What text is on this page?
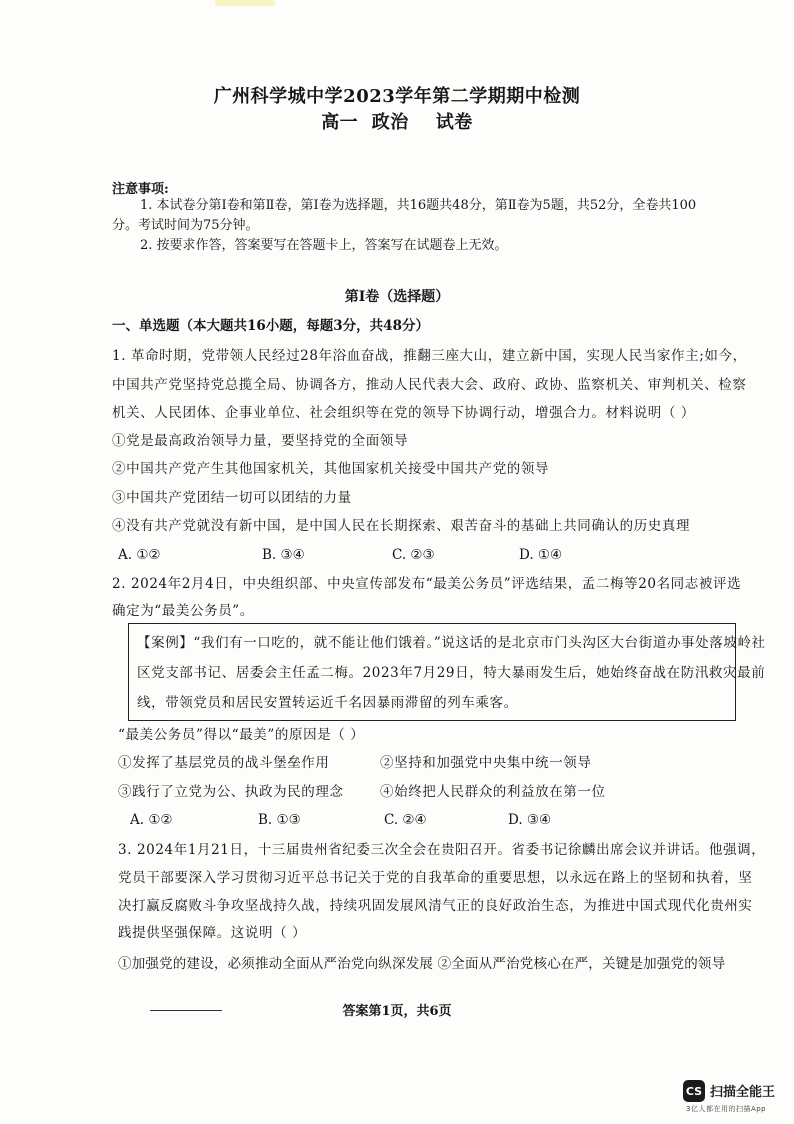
广州科学城中学2023学年第二学期期中检测
高一  政治    试卷
注意事项:
1. 本试卷分第Ⅰ卷和第Ⅱ卷，第Ⅰ卷为选择题，共16题共48分，第Ⅱ卷为5题，共52分，全卷共100
分。考试时间为75分钟。
2. 按要求作答，答案要写在答题卡上，答案写在试题卷上无效。
第Ⅰ卷（选择题）
一、单选题（本大题共16小题，每题3分，共48分）
1. 革命时期，党带领人民经过28年浴血奋战，推翻三座大山，建立新中国，实现人民当家作主;如今，
中国共产党坚持党总揽全局、协调各方，推动人民代表大会、政府、政协、监察机关、审判机关、检察
机关、人民团体、企事业单位、社会组织等在党的领导下协调行动，增强合力。材料说明（ ）
①党是最高政治领导力量，要坚持党的全面领导
②中国共产党产生其他国家机关，其他国家机关接受中国共产党的领导
③中国共产党团结一切可以团结的力量
④没有共产党就没有新中国，是中国人民在长期探索、艰苦奋斗的基础上共同确认的历史真理
A. ①②	B. ③④	C. ②③	D. ①④
2. 2024年2月4日，中央组织部、中央宣传部发布“最美公务员”评选结果，孟二梅等20名同志被评选
确定为“最美公务员”。
【案例】“我们有一口吃的，就不能让他们饿着。”说这话的是北京市门头沟区大台街道办事处落坡岭社
区党支部书记、居委会主任孟二梅。2023年7月29日，特大暴雨发生后，她始终奋战在防汛救灾最前
线，带领党员和居民安置转运近千名因暴雨滞留的列车乘客。
“最美公务员”得以“最美”的原因是（ ）
①发挥了基层党员的战斗堡垒作用	②坚持和加强党中央集中统一领导
③践行了立党为公、执政为民的理念	④始终把人民群众的利益放在第一位
A. ①②	B. ①③	C. ②④	D. ③④
3. 2024年1月21日，十三届贵州省纪委三次全会在贵阳召开。省委书记徐麟出席会议并讲话。他强调，
党员干部要深入学习贯彻习近平总书记关于党的自我革命的重要思想，以永远在路上的坚韧和执着，坚
决打赢反腐败斗争攻坚战持久战，持续巩固发展风清气正的良好政治生态，为推进中国式现代化贵州实
践提供坚强保障。这说明（ ）
①加强党的建设，必须推动全面从严治党向纵深发展 ②全面从严治党核心在严，关键是加强党的领导
答案第1页，共6页
CS 扫描全能王
3亿人都在用的扫描App
